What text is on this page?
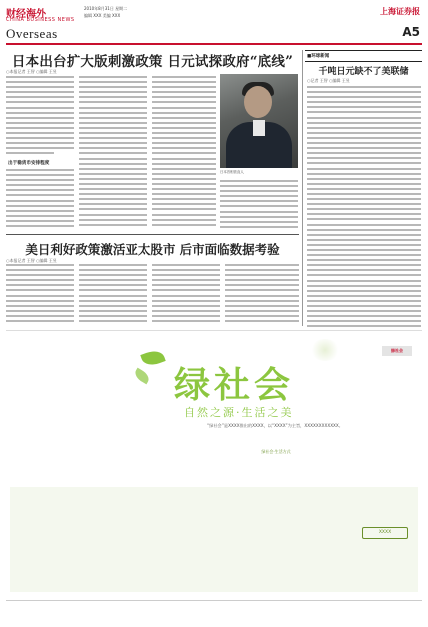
财经海外
CHINA BUSINESS NEWS
2010年8月31日 星期二
编辑 XXX 美编 XXX
Overseas
上海证券报
A5
日本出台扩大版刺激政策 日元试探政府“底线”
○本报记者 王智 ○编辑 王昱
出于稳货币安排程度
日本首相菅直人
美日利好政策激活亚太股市 后市面临数据考验
○本报记者 王智 ○编辑 王昱
■环球新闻
千吨日元缺不了美联储
○记者 王智 ○编辑 王昱
绿社会
绿社会
自然之源·生活之美
“绿社会”是XXXX推出的XXXX，以“XXXX”为主旨，XXXXXXXXXXXX。
绿社会·生活方式
XXXX
